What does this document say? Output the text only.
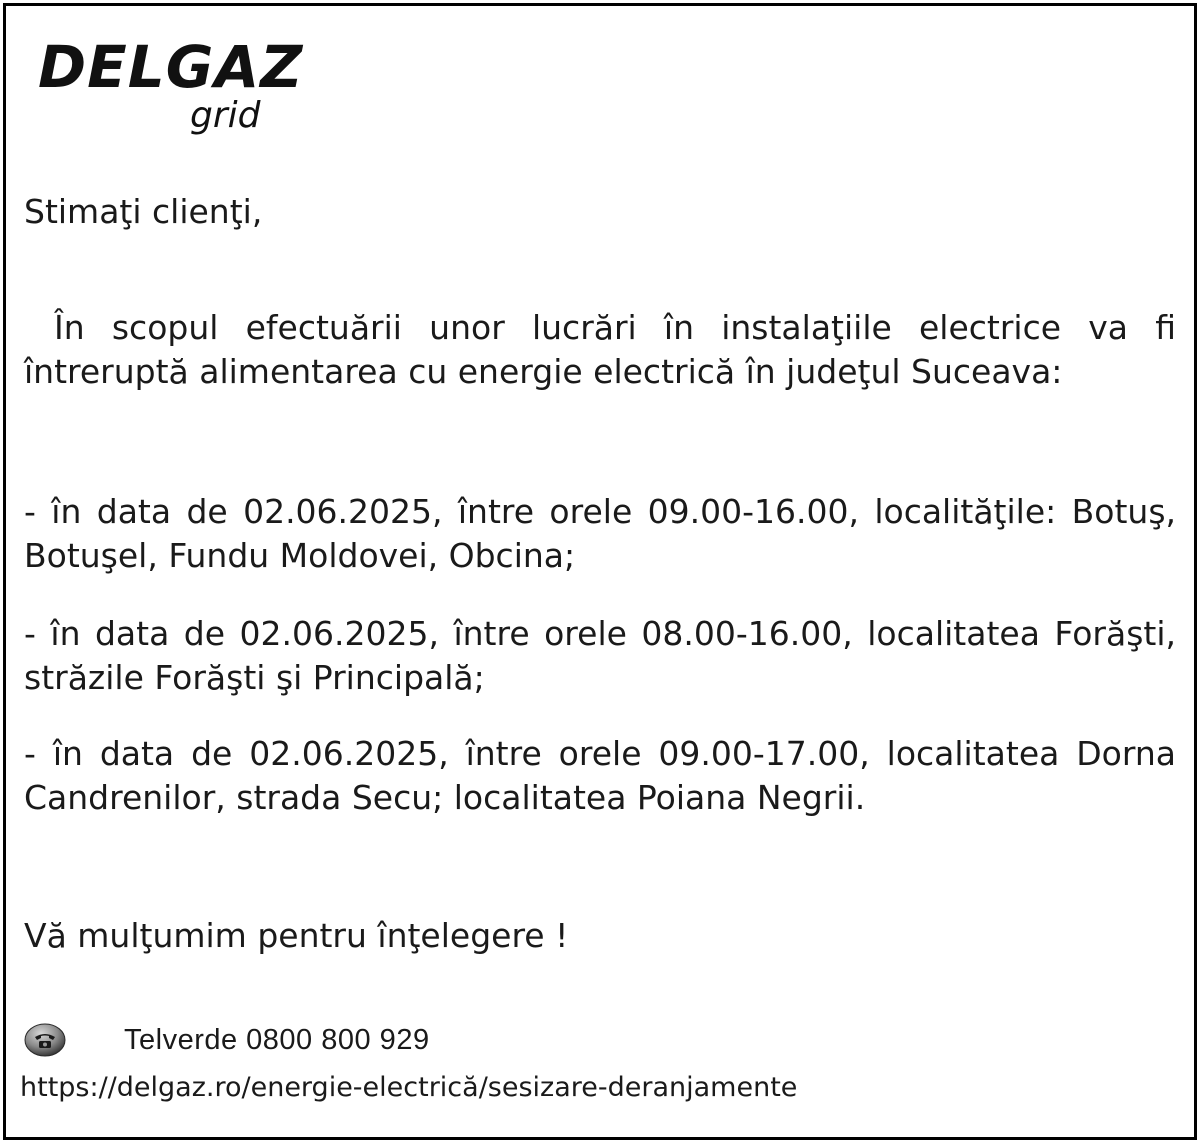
DELGAZ
grid

Stimaţi clienţi,

În scopul efectuării unor lucrări în instalaţiile electrice va fi întreruptă alimentarea cu energie electrică în judeţul Suceava:

- în data de 02.06.2025, între orele 09.00-16.00, localităţile: Botuş, Botuşel, Fundu Moldovei, Obcina;

- în data de 02.06.2025, între orele 08.00-16.00, localitatea Forăşti, străzile Forăşti şi Principală;

- în data de 02.06.2025, între orele 09.00-17.00, localitatea Dorna Candrenilor, strada Secu; localitatea Poiana Negrii.

Vă mulţumim pentru înţelegere !

Telverde 0800 800 929
https://delgaz.ro/energie-electrică/sesizare-deranjamente
